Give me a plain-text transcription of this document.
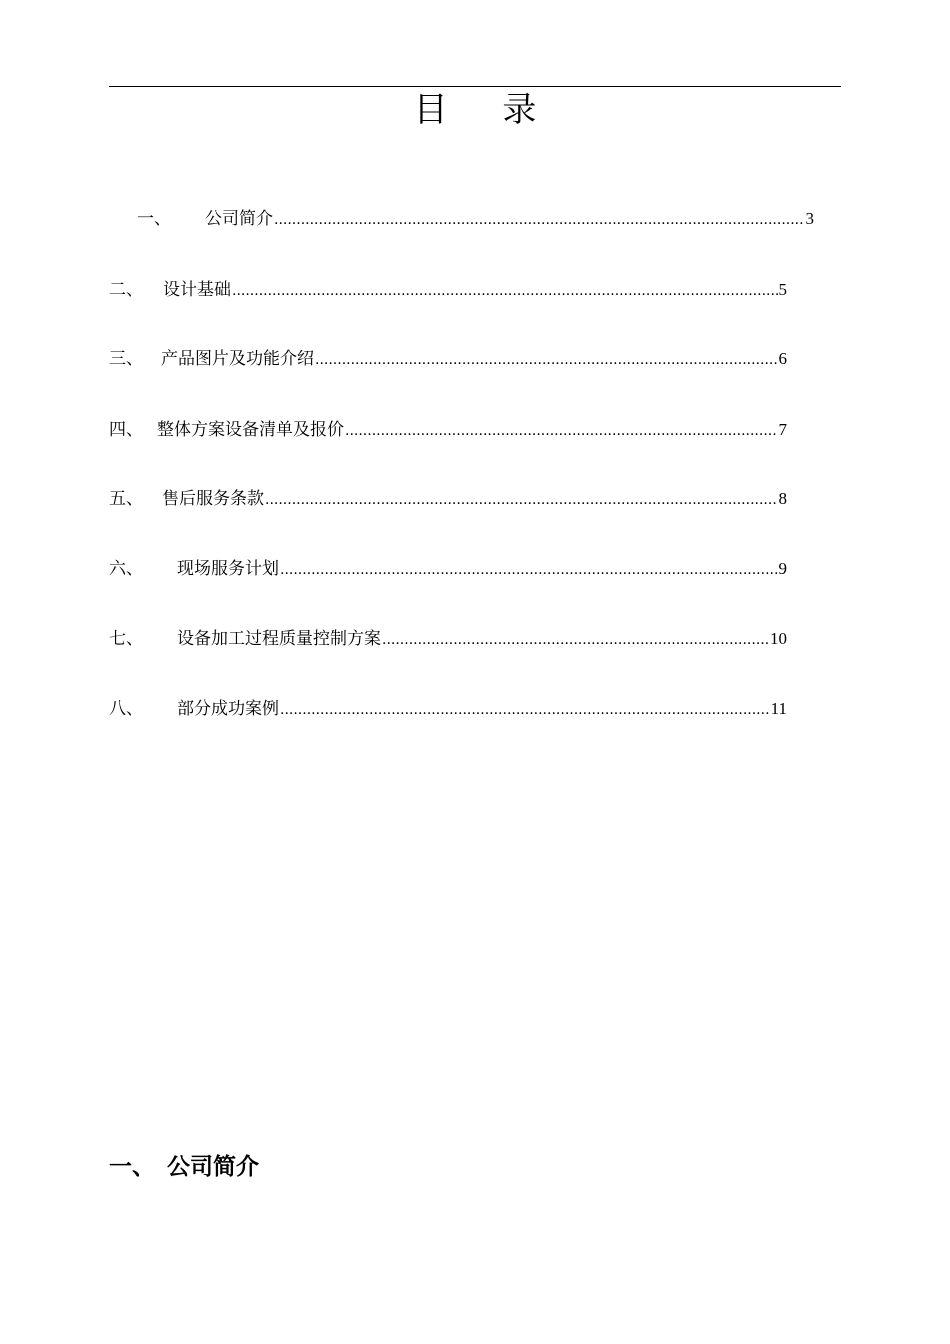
目 录
一、	公司简介 .....	3
二、	设计基础 .....	5
三、	产品图片及功能介绍 .....	6
四、 整体方案设备清单及报价 .....	7
五、	售后服务条款 .....	8
六、	现场服务计划 .....	9
七、	设备加工过程质量控制方案 .....	10
八、	部分成功案例 .....	11
一、 公司简介
